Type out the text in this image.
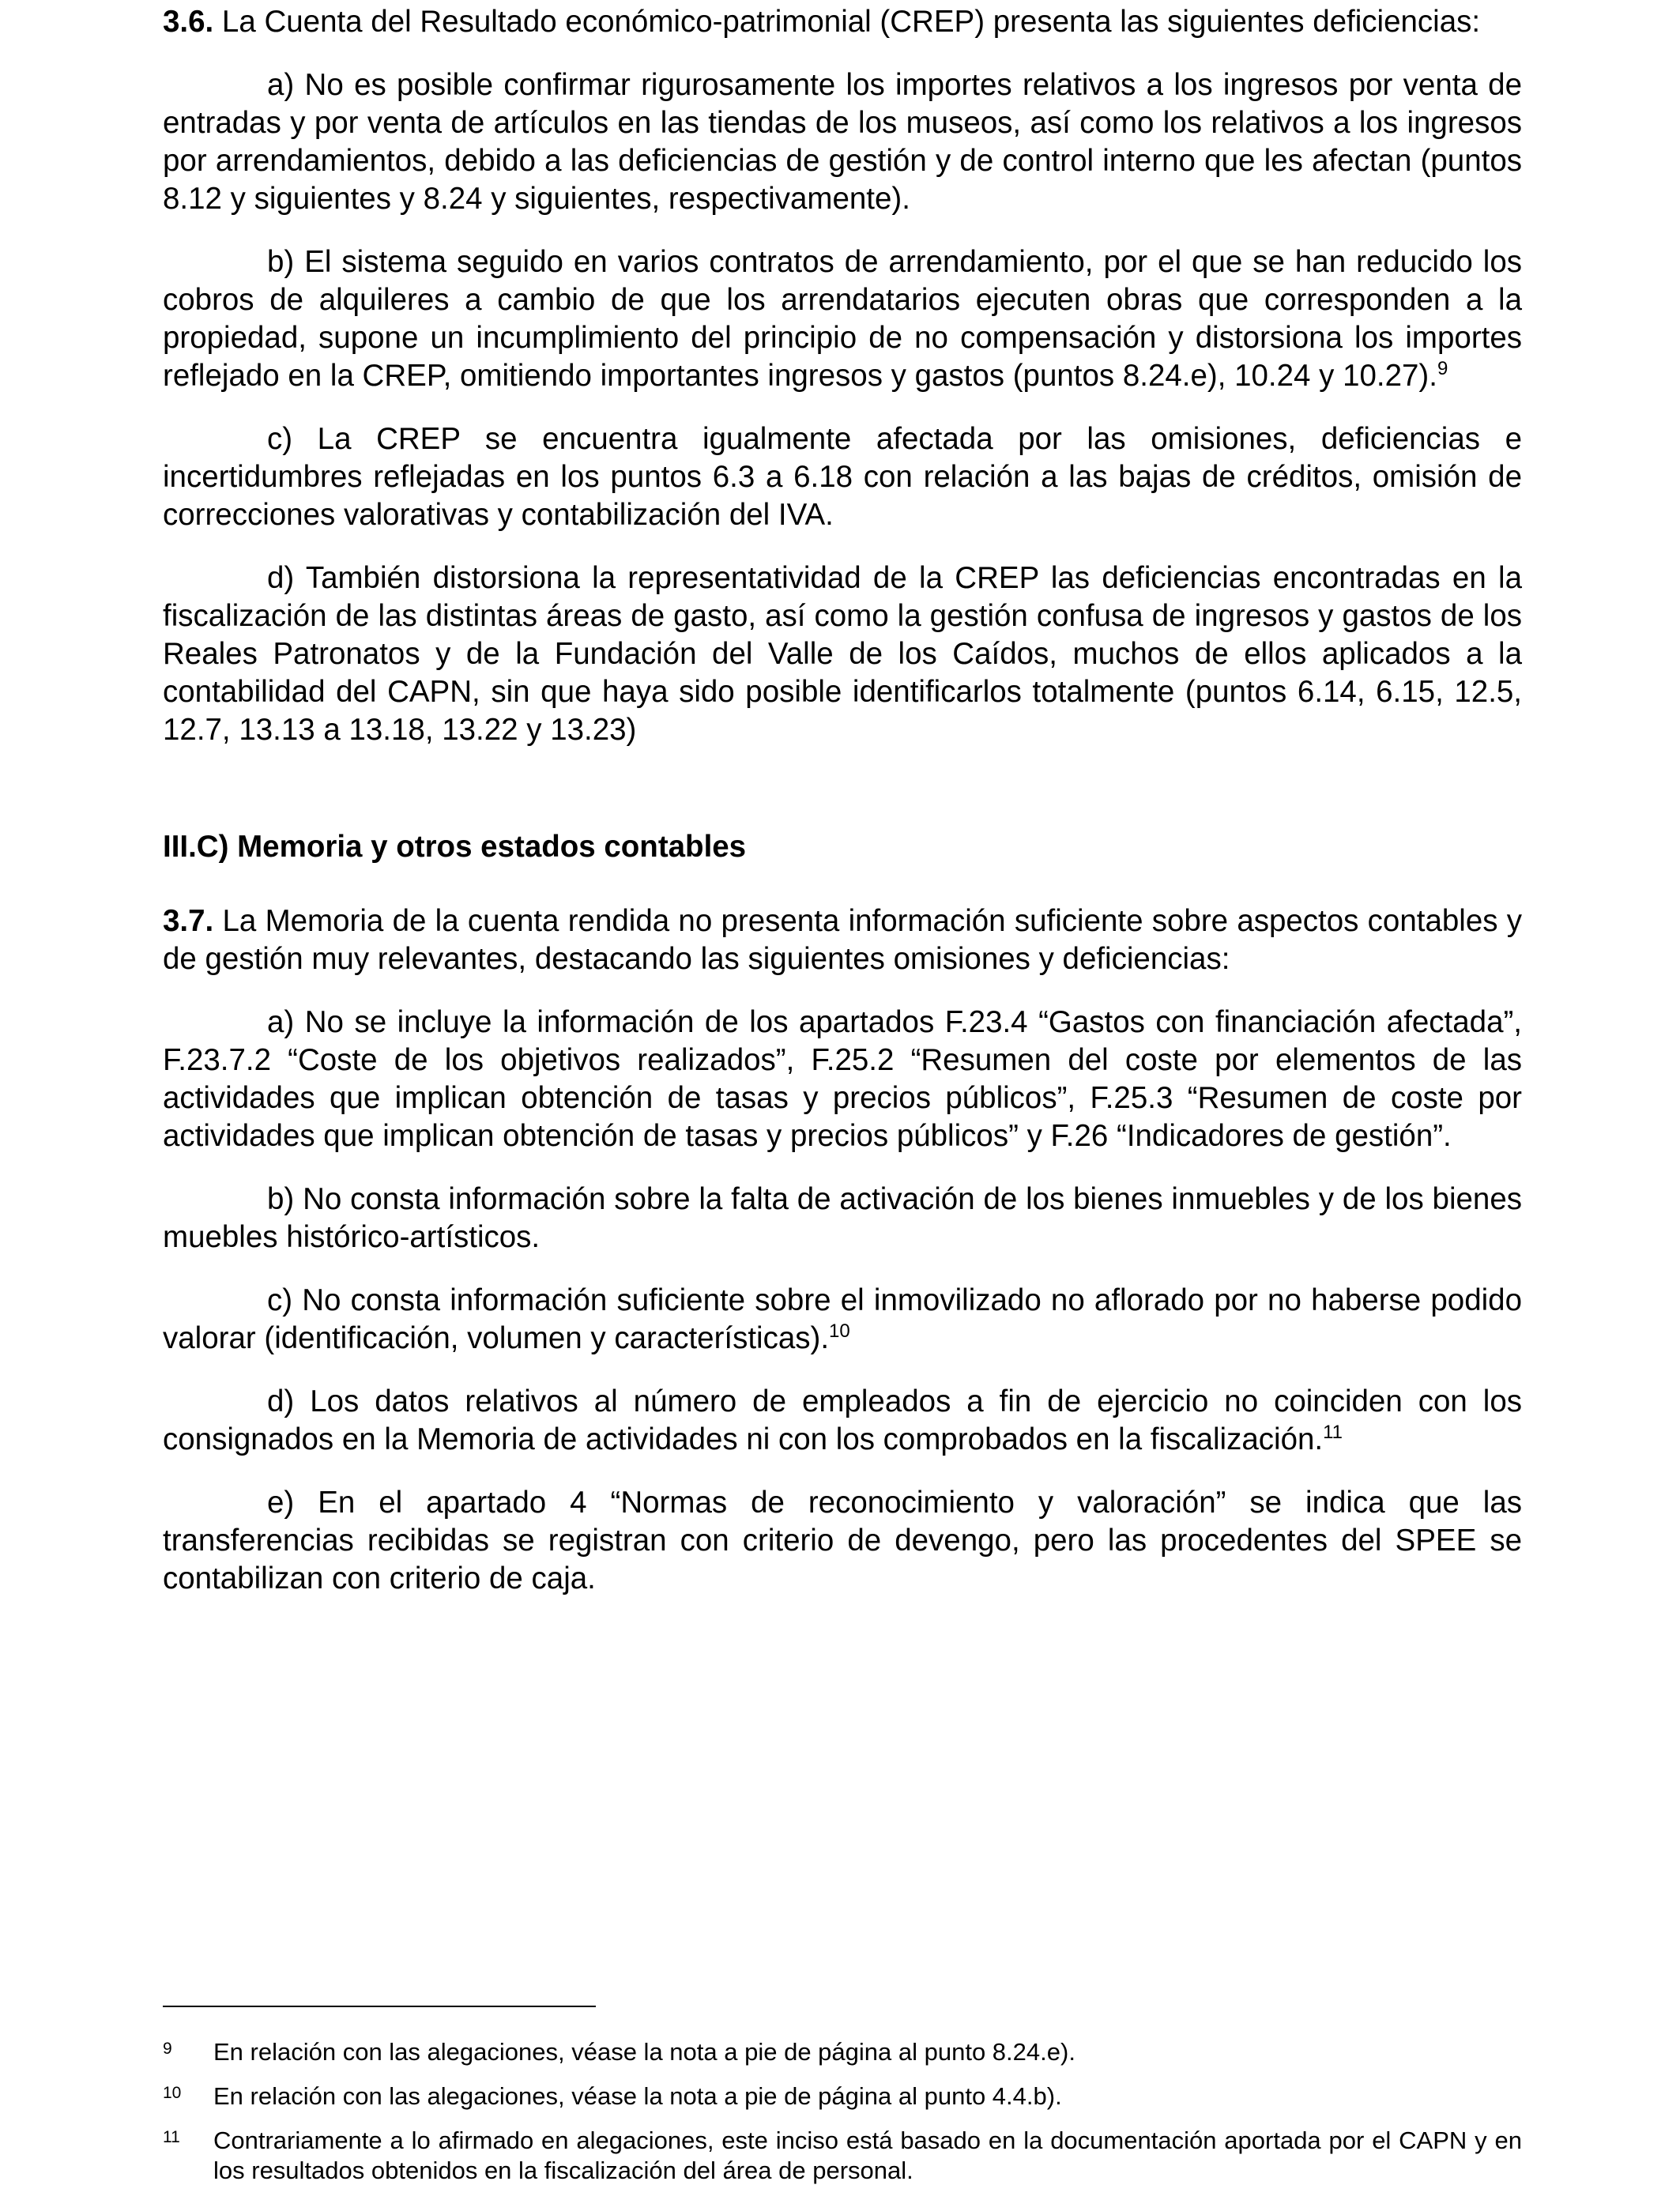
3.6. La Cuenta del Resultado económico-patrimonial (CREP) presenta las siguientes deficiencias:

a) No es posible confirmar rigurosamente los importes relativos a los ingresos por venta de entradas y por venta de artículos en las tiendas de los museos, así como los relativos a los ingresos por arrendamientos, debido a las deficiencias de gestión y de control interno que les afectan (puntos 8.12 y siguientes y 8.24 y siguientes, respectivamente).

b) El sistema seguido en varios contratos de arrendamiento, por el que se han reducido los cobros de alquileres a cambio de que los arrendatarios ejecuten obras que corresponden a la propiedad, supone un incumplimiento del principio de no compensación y distorsiona los importes reflejado en la CREP, omitiendo importantes ingresos y gastos (puntos 8.24.e), 10.24 y 10.27).$^9$

c) La CREP se encuentra igualmente afectada por las omisiones, deficiencias e incertidumbres reflejadas en los puntos 6.3 a 6.18 con relación a las bajas de créditos, omisión de correcciones valorativas y contabilización del IVA.

d) También distorsiona la representatividad de la CREP las deficiencias encontradas en la fiscalización de las distintas áreas de gasto, así como la gestión confusa de ingresos y gastos de los Reales Patronatos y de la Fundación del Valle de los Caídos, muchos de ellos aplicados a la contabilidad del CAPN, sin que haya sido posible identificarlos totalmente (puntos 6.14, 6.15, 12.5, 12.7, 13.13 a 13.18, 13.22 y 13.23)

III.C) Memoria y otros estados contables

3.7. La Memoria de la cuenta rendida no presenta información suficiente sobre aspectos contables y de gestión muy relevantes, destacando las siguientes omisiones y deficiencias:

a) No se incluye la información de los apartados F.23.4 “Gastos con financiación afectada”, F.23.7.2 “Coste de los objetivos realizados”, F.25.2 “Resumen del coste por elementos de las actividades que implican obtención de tasas y precios públicos”, F.25.3 “Resumen de coste por actividades que implican obtención de tasas y precios públicos” y F.26 “Indicadores de gestión”.

b) No consta información sobre la falta de activación de los bienes inmuebles y de los bienes muebles histórico-artísticos.

c) No consta información suficiente sobre el inmovilizado no aflorado por no haberse podido valorar (identificación, volumen y características).$^{10}$

d) Los datos relativos al número de empleados a fin de ejercicio no coinciden con los consignados en la Memoria de actividades ni con los comprobados en la fiscalización.$^{11}$

e) En el apartado 4 “Normas de reconocimiento y valoración” se indica que las transferencias recibidas se registran con criterio de devengo, pero las procedentes del SPEE se contabilizan con criterio de caja.

9	En relación con las alegaciones, véase la nota a pie de página al punto 8.24.e).
10	En relación con las alegaciones, véase la nota a pie de página al punto 4.4.b).
11	Contrariamente a lo afirmado en alegaciones, este inciso está basado en la documentación aportada por el CAPN y en los resultados obtenidos en la fiscalización del área de personal.
